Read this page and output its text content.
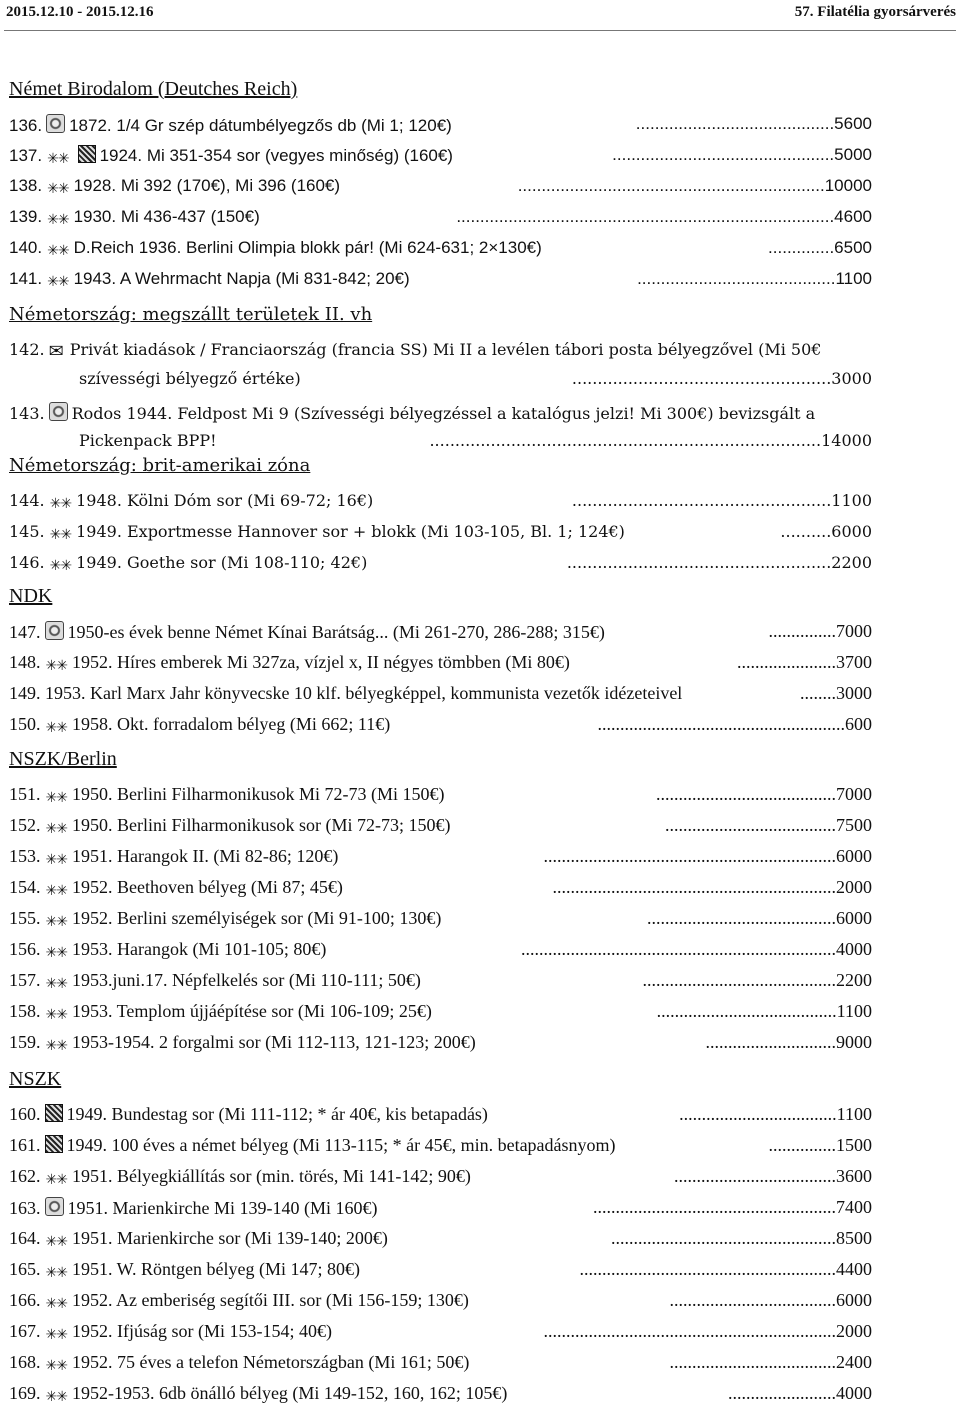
2015.12.10 - 2015.12.16	57. Filatélia gyorsárverés
Német Birodalom (Deutches Reich)
136. 1872. 1/4 Gr szép dátumbélyegzős db (Mi 1; 120€)	..........................................5600
137. ✳✳ 1924. Mi 351-354 sor (vegyes minőség) (160€)	...............................................5000
138. ✳✳ 1928. Mi 392 (170€), Mi 396 (160€)	.................................................................10000
139. ✳✳ 1930. Mi 436-437 (150€)	................................................................................4600
140. ✳✳ D.Reich 1936. Berlini Olimpia blokk pár! (Mi 624-631; 2×130€)	..............6500
141. ✳✳ 1943. A Wehrmacht Napja (Mi 831-842; 20€)	..........................................1100
Németország: megszállt területek II. vh
142. ✉ Privát kiadások / Franciaország (francia SS) Mi II a levélen tábori posta bélyegzővel (Mi 50€
szívességi bélyegző értéke)	...................................................3000
143. Rodos 1944. Feldpost Mi 9 (Szívességi bélyegzéssel a katalógus jelzi! Mi 300€) bevizsgált a
Pickenpack BPP!	.............................................................................14000
Németország: brit-amerikai zóna
144. ✳✳ 1948. Kölni Dóm sor (Mi 69-72; 16€)	...................................................1100
145. ✳✳ 1949. Exportmesse Hannover sor + blokk (Mi 103-105, Bl. 1; 124€)	..........6000
146. ✳✳ 1949. Goethe sor (Mi 108-110; 42€)	....................................................2200
NDK
147. 1950-es évek benne Német Kínai Barátság... (Mi 261-270, 286-288; 315€)	...............7000
148. ✳✳ 1952. Híres emberek Mi 327za, vízjel x, II négyes tömbben (Mi 80€)	......................3700
149. 1953. Karl Marx Jahr könyvecske 10 klf. bélyegképpel, kommunista vezetők idézeteivel	........3000
150. ✳✳ 1958. Okt. forradalom bélyeg (Mi 662; 11€)	.......................................................600
NSZK/Berlin
151. ✳✳ 1950. Berlini Filharmonikusok Mi 72-73 (Mi 150€)	........................................7000
152. ✳✳ 1950. Berlini Filharmonikusok sor (Mi 72-73; 150€)	......................................7500
153. ✳✳ 1951. Harangok II. (Mi 82-86; 120€)	.................................................................6000
154. ✳✳ 1952. Beethoven bélyeg (Mi 87; 45€)	...............................................................2000
155. ✳✳ 1952. Berlini személyiségek sor (Mi 91-100; 130€)	..........................................6000
156. ✳✳ 1953. Harangok (Mi 101-105; 80€)	......................................................................4000
157. ✳✳ 1953.juni.17. Népfelkelés sor (Mi 110-111; 50€)	...........................................2200
158. ✳✳ 1953. Templom újjáépítése sor (Mi 106-109; 25€)	........................................1100
159. ✳✳ 1953-1954. 2 forgalmi sor (Mi 112-113, 121-123; 200€)	.............................9000
NSZK
160. 1949. Bundestag sor (Mi 111-112; * ár 40€, kis betapadás)	...................................1100
161. 1949. 100 éves a német bélyeg (Mi 113-115; * ár 45€, min. betapadásnyom)	...............1500
162. ✳✳ 1951. Bélyegkiállítás sor (min. törés, Mi 141-142; 90€)	....................................3600
163. 1951. Marienkirche Mi 139-140 (Mi 160€)	......................................................7400
164. ✳✳ 1951. Marienkirche sor (Mi 139-140; 200€)	..................................................8500
165. ✳✳ 1951. W. Röntgen bélyeg (Mi 147; 80€)	.........................................................4400
166. ✳✳ 1952. Az emberiség segítői III. sor (Mi 156-159; 130€)	.....................................6000
167. ✳✳ 1952. Ifjúság sor (Mi 153-154; 40€)	.................................................................2000
168. ✳✳ 1952. 75 éves a telefon Németországban (Mi 161; 50€)	.....................................2400
169. ✳✳ 1952-1953. 6db önálló bélyeg (Mi 149-152, 160, 162; 105€)	........................4000
